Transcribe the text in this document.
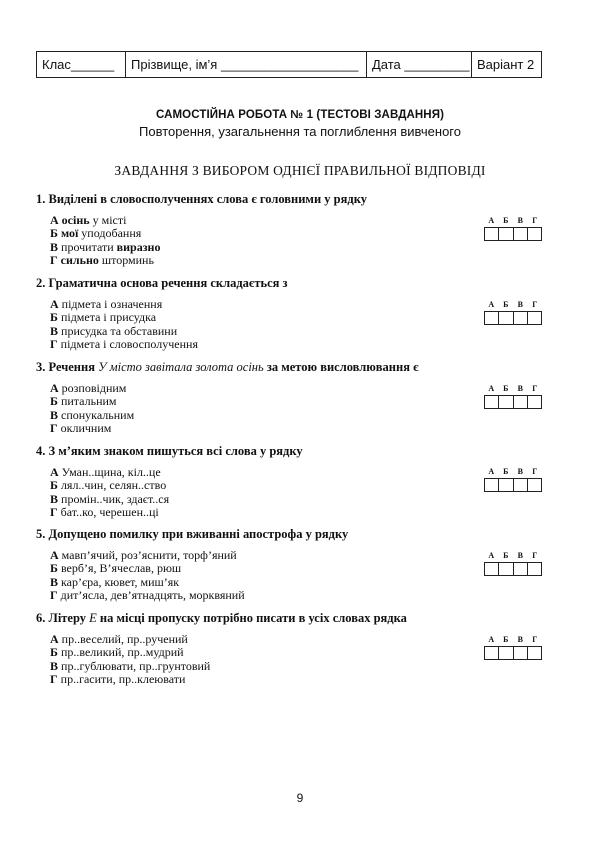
Клас______ Прізвище, ім’я ___________________ Дата _________ Варіант 2
САМОСТІЙНА РОБОТА № 1 (ТЕСТОВІ ЗАВДАННЯ)
Повторення, узагальнення та поглиблення вивченого
ЗАВДАННЯ З ВИБОРОМ ОДНІЄЇ ПРАВИЛЬНОЇ ВІДПОВІДІ
1. Виділені в словосполученнях слова є головними у рядку
А осінь у місті
Б мої уподобання
В прочитати виразно
Г сильно шторминь
А	Б	В	Г
2. Граматична основа речення складається з
А підмета і означення
Б підмета і присудка
В присудка та обставини
Г підмета і словосполучення
А	Б	В	Г
3. Речення У місто завітала золота осінь за метою висловлювання є
А розповідним
Б питальним
В спонукальним
Г окличним
А	Б	В	Г
4. З м’яким знаком пишуться всі слова у рядку
А Уман..щина, кіл..це
Б лял..чин, селян..ство
В промін..чик, здаєт..ся
Г бат..ко, черешен..ці
А	Б	В	Г
5. Допущено помилку при вживанні апострофа у рядку
А мавп’ячий, роз’яснити, торф’яний
Б верб’я, В’ячеслав, рюш
В кар’єра, кювет, миш’як
Г дит’ясла, дев’ятнадцять, морквяний
А	Б	В	Г
6. Літеру Е на місці пропуску потрібно писати в усіх словах рядка
А пр..веселий, пр..ручений
Б пр..великий, пр..мудрий
В пр..гублювати, пр..грунтовий
Г пр..гасити, пр..клеювати
А	Б	В	Г
9
